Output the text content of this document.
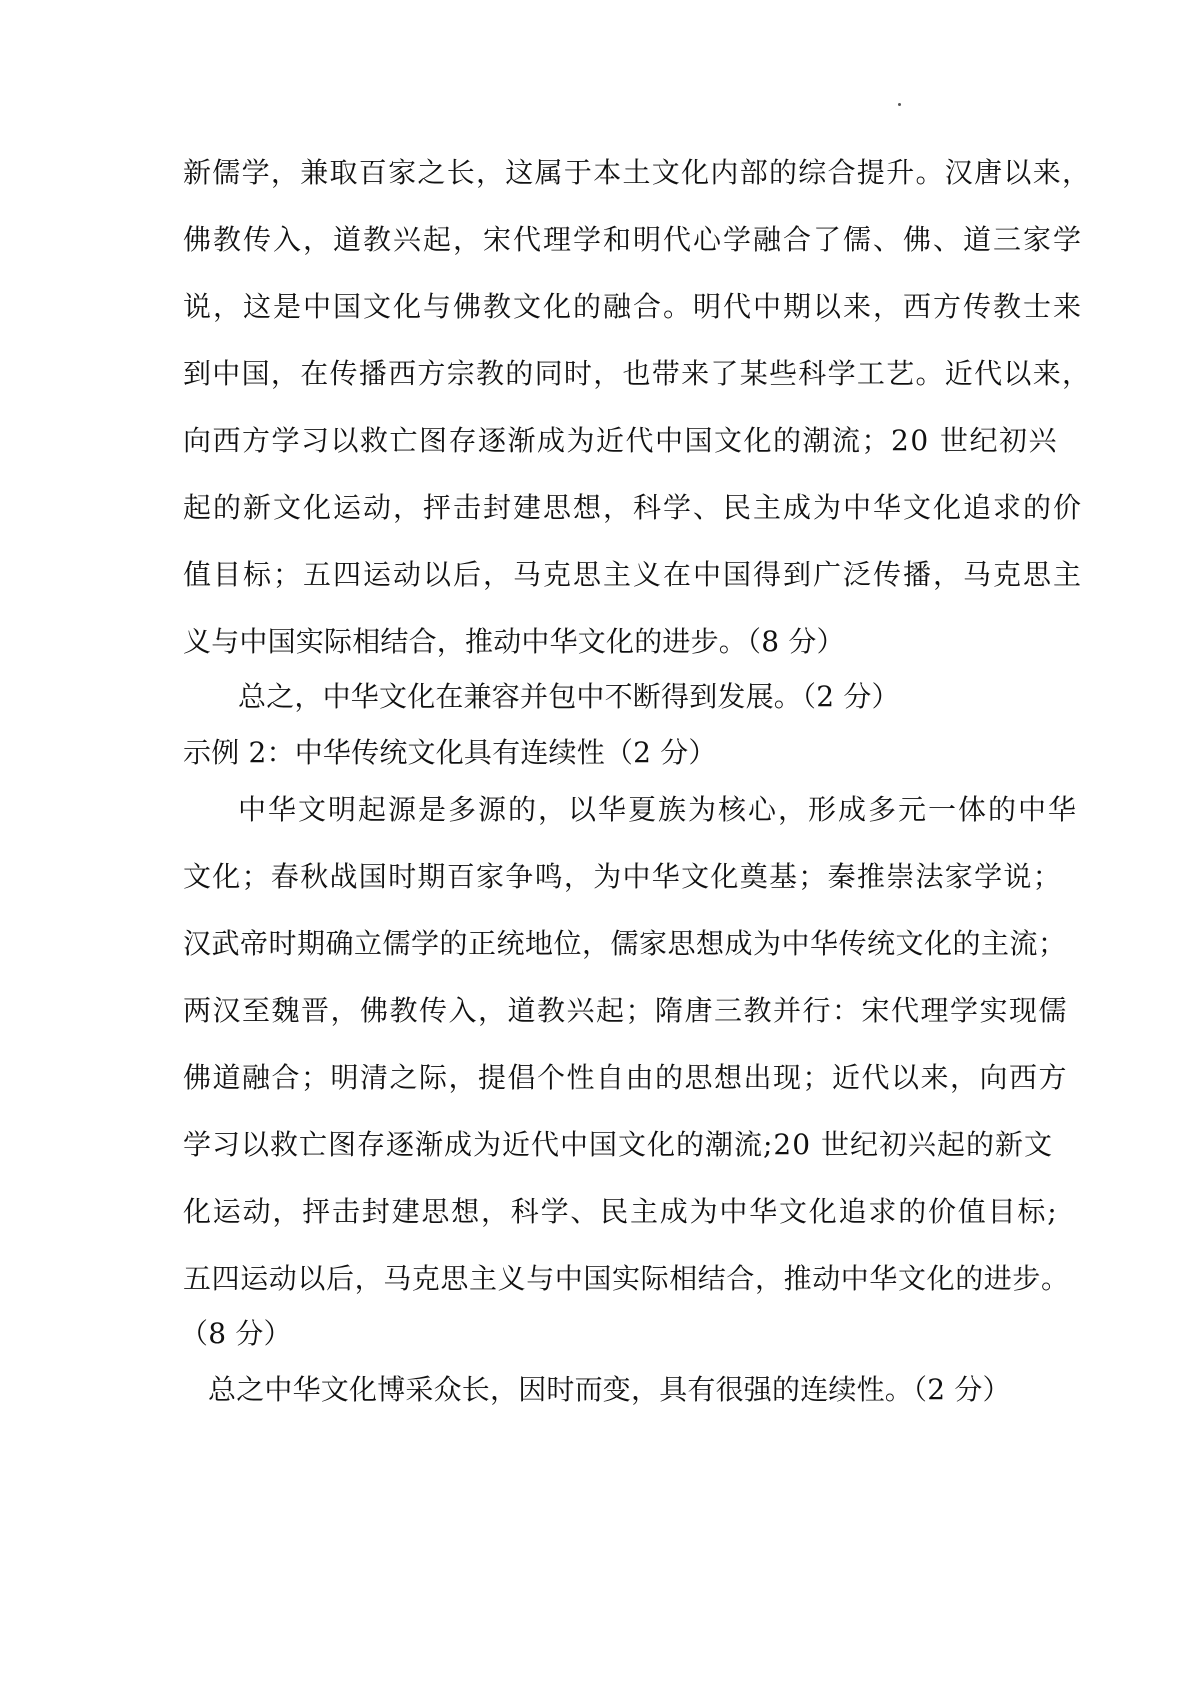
新儒学，兼取百家之长，这属于本土文化内部的综合提升。汉唐以来，
佛教传入，道教兴起，宋代理学和明代心学融合了儒、佛、道三家学
说，这是中国文化与佛教文化的融合。明代中期以来，西方传教士来
到中国，在传播西方宗教的同时，也带来了某些科学工艺。近代以来，
向西方学习以救亡图存逐渐成为近代中国文化的潮流；20 世纪初兴
起的新文化运动，抨击封建思想，科学、民主成为中华文化追求的价
值目标；五四运动以后，马克思主义在中国得到广泛传播，马克思主
义与中国实际相结合，推动中华文化的进步。（8 分）
总之，中华文化在兼容并包中不断得到发展。（2 分）
示例 2：中华传统文化具有连续性（2 分）
中华文明起源是多源的，以华夏族为核心，形成多元一体的中华
文化；春秋战国时期百家争鸣，为中华文化奠基；秦推崇法家学说；
汉武帝时期确立儒学的正统地位，儒家思想成为中华传统文化的主流；
两汉至魏晋，佛教传入，道教兴起；隋唐三教并行：宋代理学实现儒
佛道融合；明清之际，提倡个性自由的思想出现；近代以来，向西方
学习以救亡图存逐渐成为近代中国文化的潮流;20 世纪初兴起的新文
化运动，抨击封建思想，科学、民主成为中华文化追求的价值目标;
五四运动以后，马克思主义与中国实际相结合，推动中华文化的进步。
（8 分）
总之中华文化博采众长，因时而变，具有很强的连续性。（2 分）
